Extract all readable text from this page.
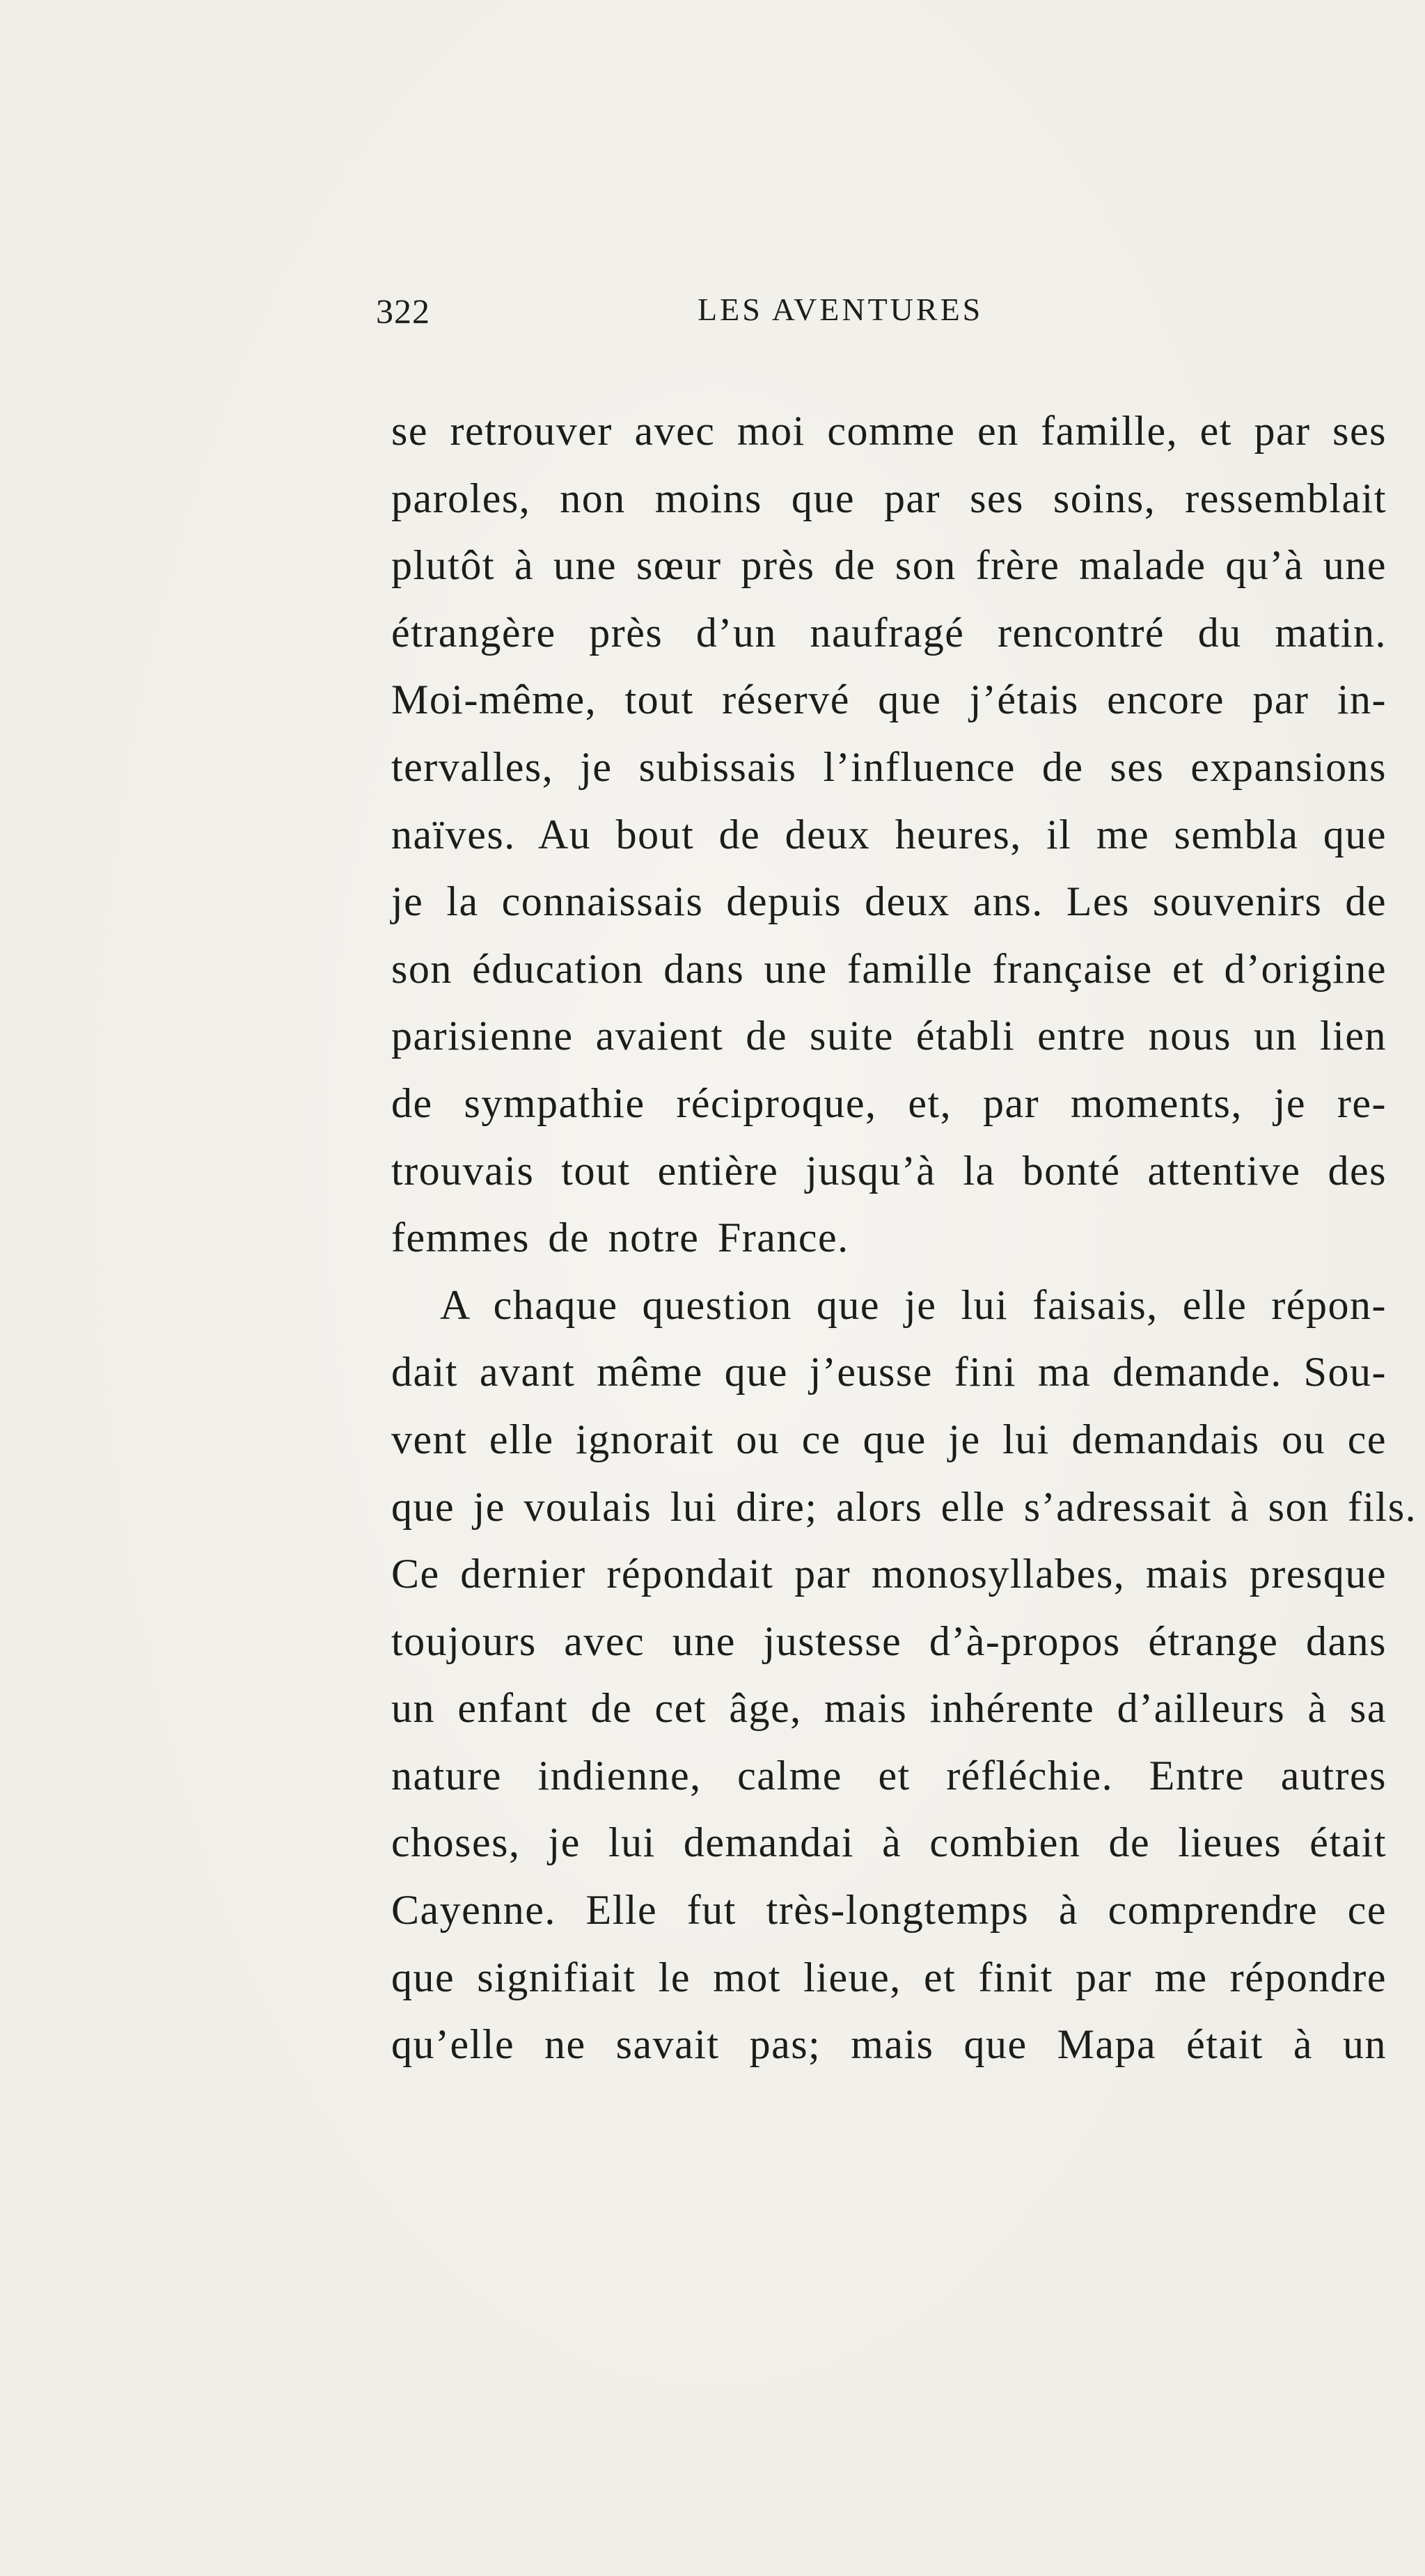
322	LES AVENTURES
se retrouver avec moi comme en famille, et par ses
paroles, non moins que par ses soins, ressemblait
plutôt à une sœur près de son frère malade qu’à une
étrangère près d’un naufragé rencontré du matin.
Moi-même, tout réservé que j’étais encore par in-
tervalles, je subissais l’influence de ses expansions
naïves. Au bout de deux heures, il me sembla que
je la connaissais depuis deux ans. Les souvenirs de
son éducation dans une famille française et d’origine
parisienne avaient de suite établi entre nous un lien
de sympathie réciproque, et, par moments, je re-
trouvais tout entière jusqu’à la bonté attentive des
femmes de notre France.
A chaque question que je lui faisais, elle répon-
dait avant même que j’eusse fini ma demande. Sou-
vent elle ignorait ou ce que je lui demandais ou ce
que je voulais lui dire; alors elle s’adressait à son fils.
Ce dernier répondait par monosyllabes, mais presque
toujours avec une justesse d’à-propos étrange dans
un enfant de cet âge, mais inhérente d’ailleurs à sa
nature indienne, calme et réfléchie. Entre autres
choses, je lui demandai à combien de lieues était
Cayenne. Elle fut très-longtemps à comprendre ce
que signifiait le mot lieue, et finit par me répondre
qu’elle ne savait pas; mais que Mapa était à un
